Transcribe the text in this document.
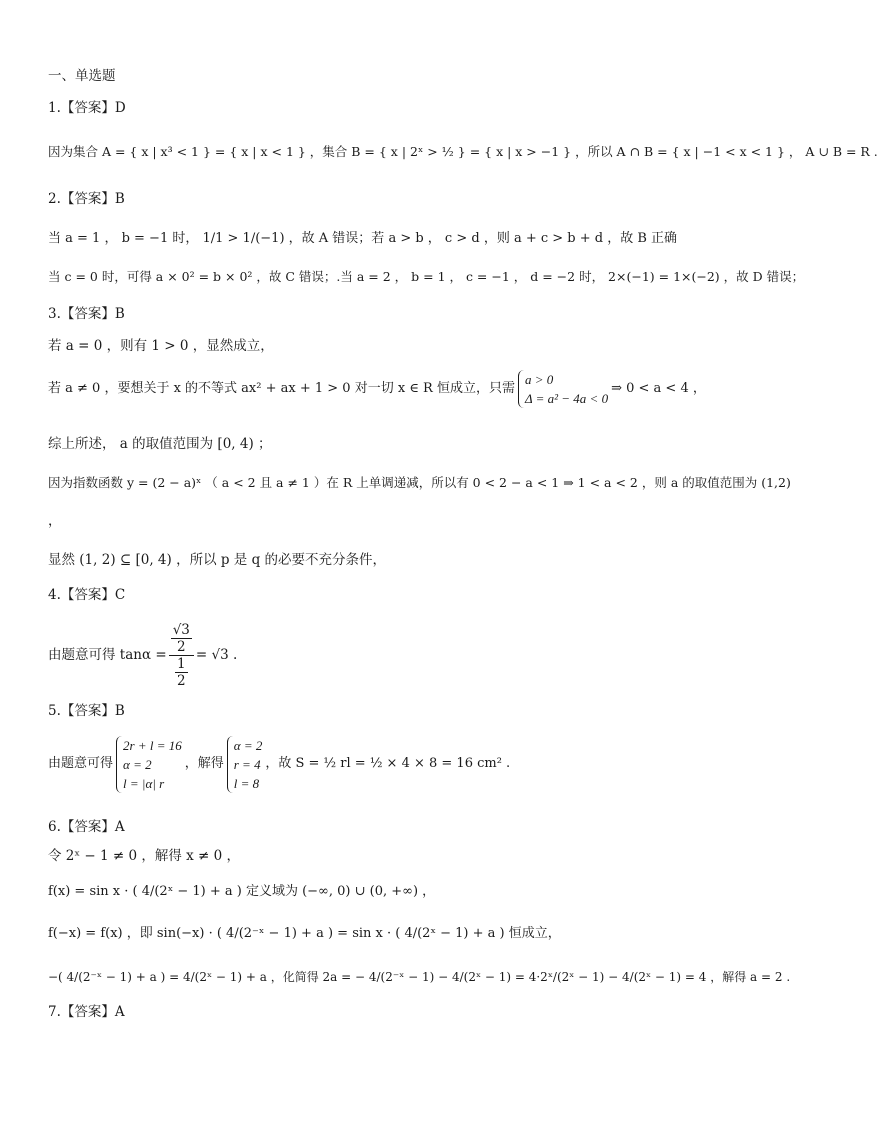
一、单选题
1.【答案】D
因为集合 A = { x | x³ < 1 } = { x | x < 1 } ，集合 B = { x | 2ˣ > ½ } = { x | x > −1 } ，所以 A ∩ B = { x | −1 < x < 1 } ， A ∪ B = R .
2.【答案】B
当 a = 1 ， b = −1 时， 1/1 > 1/(−1) ，故 A 错误；若 a > b ， c > d ，则 a + c > b + d ，故 B 正确
当 c = 0 时，可得 a × 0² = b × 0² ，故 C 错误；.当 a = 2 ， b = 1 ， c = −1 ， d = −2 时， 2×(−1) = 1×(−2) ，故 D 错误；
3.【答案】B
若 a = 0 ，则有 1 > 0 ，显然成立，
若 a ≠ 0 ，要想关于 x 的不等式 ax² + ax + 1 > 0 对一切 x ∈ R 恒成立，只需
a > 0
Δ = a² − 4a < 0
⇒ 0 < a < 4 ，
综上所述， a 的取值范围为 [0, 4) ；
因为指数函数 y = (2 − a)ˣ （ a < 2 且 a ≠ 1 ）在 R 上单调递减，所以有 0 < 2 − a < 1 ⇒ 1 < a < 2 ，则 a 的取值范围为 (1,2)
，
显然 (1, 2) ⊆ [0, 4) ，所以 p 是 q 的必要不充分条件，
4.【答案】C
由题意可得 $\tan\alpha = \frac{\frac{√3}{2}}{\frac{1}{2}} = √3$ .
5.【答案】B
由题意可得
2r + l = 16
α = 2
l = |α| r
，解得
α = 2
r = 4
l = 8
，故 S = ½ rl = ½ × 4 × 8 = 16 cm² .
6.【答案】A
令 2ˣ − 1 ≠ 0 ，解得 x ≠ 0 ，
f(x) = sin x · ( 4/(2ˣ − 1) + a ) 定义域为 (−∞, 0) ∪ (0, +∞) ，
f(−x) = f(x) ，即 sin(−x) · ( 4/(2⁻ˣ − 1) + a ) = sin x · ( 4/(2ˣ − 1) + a ) 恒成立，
−( 4/(2⁻ˣ − 1) + a ) = 4/(2ˣ − 1) + a ，化简得 2a = − 4/(2⁻ˣ − 1) − 4/(2ˣ − 1) = 4·2ˣ/(2ˣ − 1) − 4/(2ˣ − 1) = 4 ，解得 a = 2 .
7.【答案】A
